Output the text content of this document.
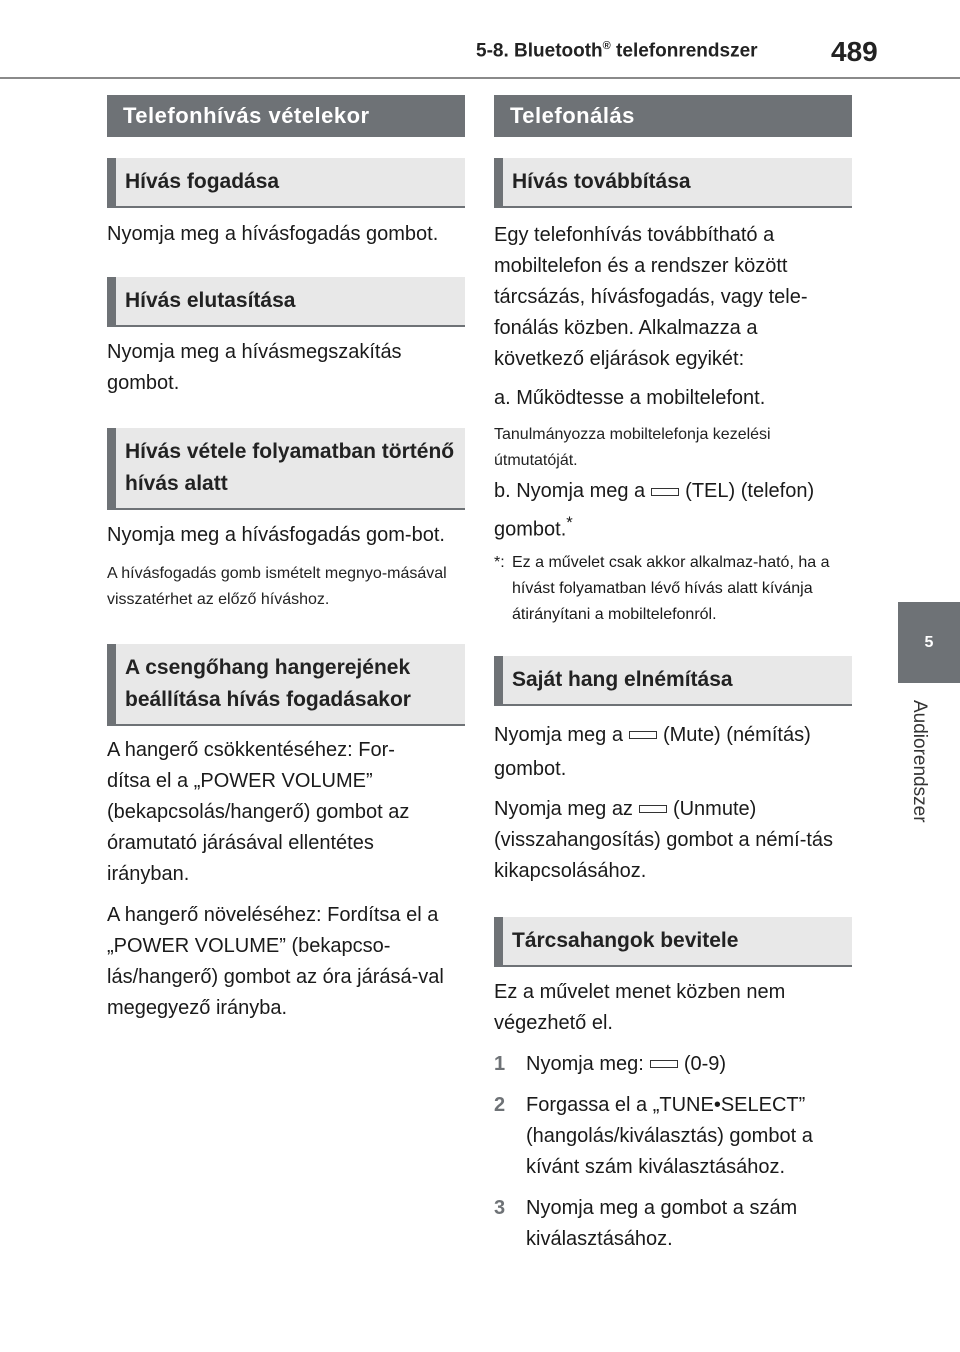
5-8. Bluetooth® telefonrendszer	489
5
Audiorendszer
Telefonhívás vételekor
Hívás fogadása

Nyomja meg a hívásfogadás gombot.

Hívás elutasítása

Nyomja meg a hívásmegszakítás gombot.

Hívás vétele folyamatban történő hívás alatt

Nyomja meg a hívásfogadás gom-bot.

A hívásfogadás gomb ismételt megnyo-másával visszatérhet az előző híváshoz.

A csengőhang hangerejének beállítása hívás fogadásakor

A hangerő csökkentéséhez: For-dítsa el a „POWER VOLUME” (bekapcsolás/hangerő) gombot az óramutató járásával ellentétes irányban.

A hangerő növeléséhez: Fordítsa el a „POWER VOLUME” (bekapcso-lás/hangerő) gombot az óra járásá-val megegyező irányba.

Telefonálás
Hívás továbbítása

Egy telefonhívás továbbítható a mobiltelefon és a rendszer között tárcsázás, hívásfogadás, vagy tele-fonálás közben. Alkalmazza a következő eljárások egyikét:

a. Működtesse a mobiltelefont.

Tanulmányozza mobiltelefonja kezelési útmutatóját.

b. Nyomja meg a (TEL) (telefon) gombot.*

*: Ez a művelet csak akkor alkalmaz-ható, ha a hívást folyamatban lévő hívás alatt kívánja átirányítani a mobiltelefonról.
Saját hang elnémítása

Nyomja meg a (Mute) (némítás) gombot.

Nyomja meg az (Unmute) (visszahangosítás) gombot a némí-tás kikapcsolásához.

Tárcsahangok bevitele

Ez a művelet menet közben nem végezhető el.

1	Nyomja meg: (0-9)
2	Forgassa el a „TUNE•SELECT” (hangolás/kiválasztás) gombot a kívánt szám kiválasztásához.
3	Nyomja meg a gombot a szám kiválasztásához.
